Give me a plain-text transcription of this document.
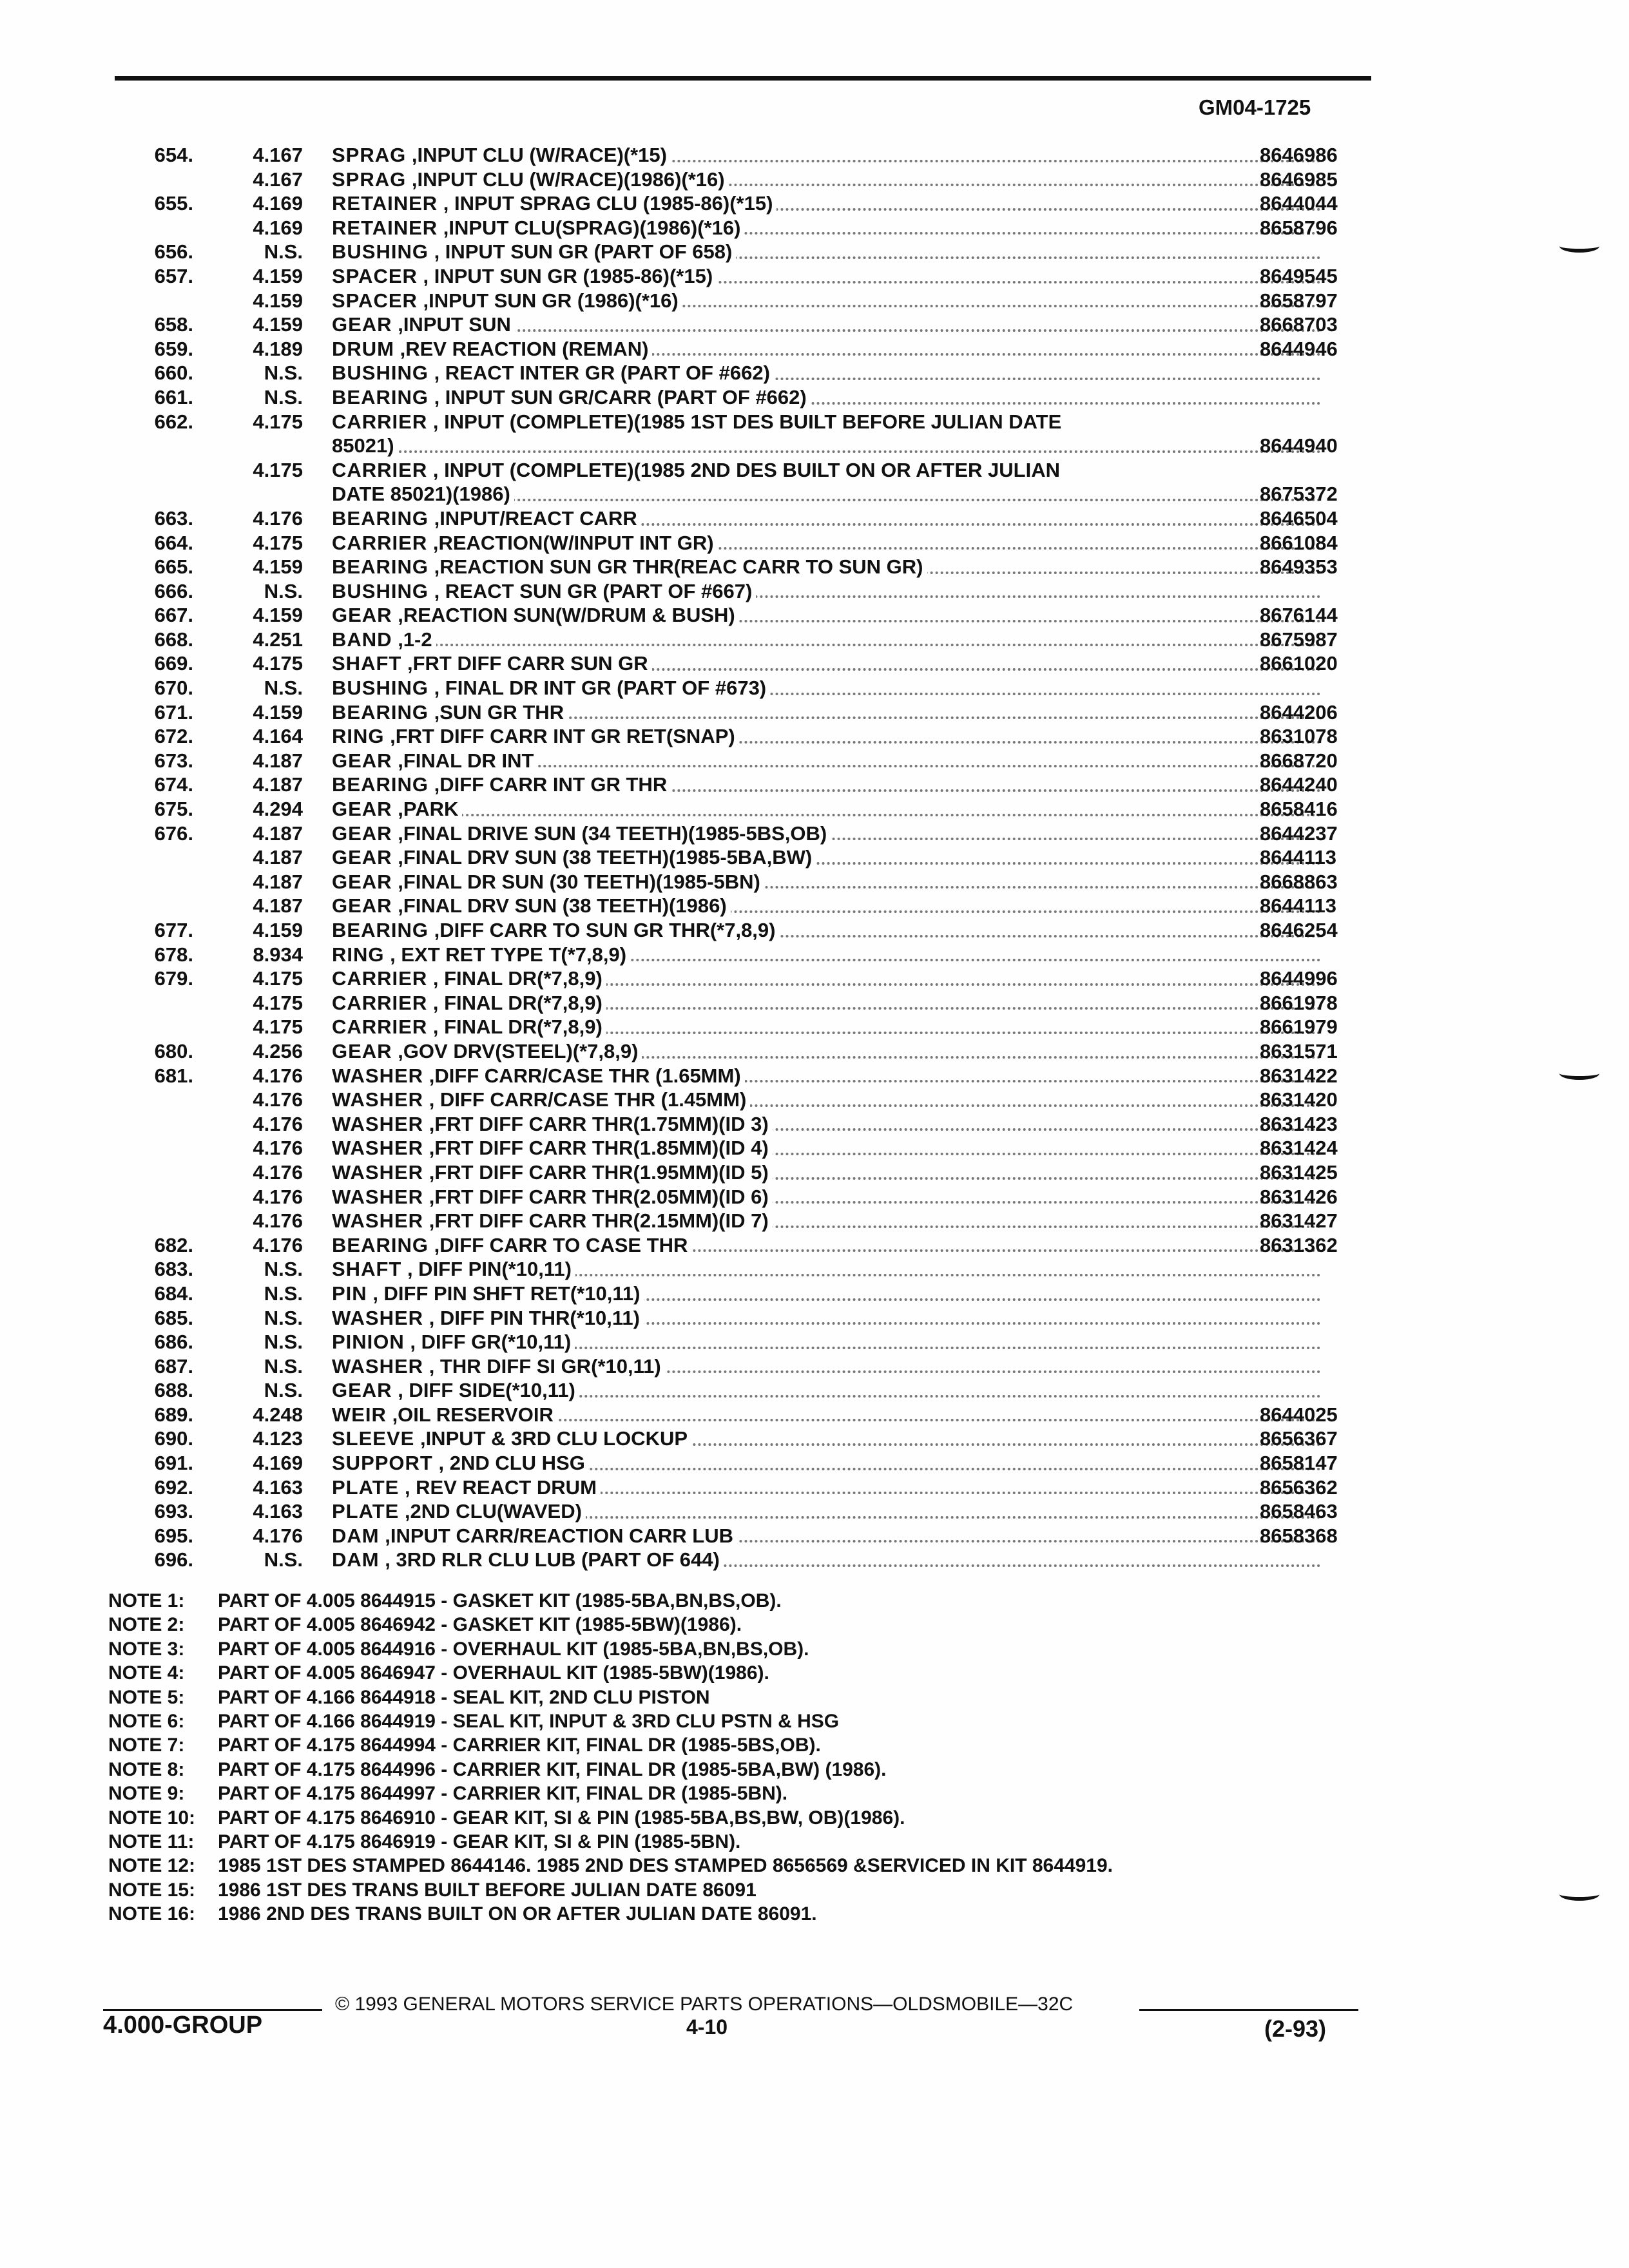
GM04-1725
654.	4.167 SPRAG ,INPUT CLU (W/RACE)(*15)	8646986
4.167 SPRAG ,INPUT CLU (W/RACE)(1986)(*16)	8646985
655.	4.169 RETAINER , INPUT SPRAG CLU (1985-86)(*15)	8644044
4.169 RETAINER ,INPUT CLU(SPRAG)(1986)(*16)	8658796
656.	N.S. BUSHING , INPUT SUN GR (PART OF 658)
657.	4.159 SPACER , INPUT SUN GR (1985-86)(*15)	8649545
4.159 SPACER ,INPUT SUN GR (1986)(*16)	8658797
658.	4.159 GEAR ,INPUT SUN	8668703
659.	4.189 DRUM ,REV REACTION (REMAN)	8644946
660.	N.S. BUSHING , REACT INTER GR (PART OF #662)
661.	N.S. BEARING , INPUT SUN GR/CARR (PART OF #662)
662.	4.175 CARRIER , INPUT (COMPLETE)(1985 1ST DES BUILT BEFORE JULIAN DATE
85021)	8644940
4.175 CARRIER , INPUT (COMPLETE)(1985 2ND DES BUILT ON OR AFTER JULIAN
DATE 85021)(1986)	8675372
663.	4.176 BEARING ,INPUT/REACT CARR	8646504
664.	4.175 CARRIER ,REACTION(W/INPUT INT GR)	8661084
665.	4.159 BEARING ,REACTION SUN GR THR(REAC CARR TO SUN GR)	8649353
666.	N.S. BUSHING , REACT SUN GR (PART OF #667)
667.	4.159 GEAR ,REACTION SUN(W/DRUM & BUSH)	8676144
668.	4.251 BAND ,1-2	8675987
669.	4.175 SHAFT ,FRT DIFF CARR SUN GR	8661020
670.	N.S. BUSHING , FINAL DR INT GR (PART OF #673)
671.	4.159 BEARING ,SUN GR THR	8644206
672.	4.164 RING ,FRT DIFF CARR INT GR RET(SNAP)	8631078
673.	4.187 GEAR ,FINAL DR INT	8668720
674.	4.187 BEARING ,DIFF CARR INT GR THR	8644240
675.	4.294 GEAR ,PARK	8658416
676.	4.187 GEAR ,FINAL DRIVE SUN (34 TEETH)(1985-5BS,OB)	8644237
4.187 GEAR ,FINAL DRV SUN (38 TEETH)(1985-5BA,BW)	8644113
4.187 GEAR ,FINAL DR SUN (30 TEETH)(1985-5BN)	8668863
4.187 GEAR ,FINAL DRV SUN (38 TEETH)(1986)	8644113
677.	4.159 BEARING ,DIFF CARR TO SUN GR THR(*7,8,9)	8646254
678.	8.934 RING , EXT RET TYPE T(*7,8,9)
679.	4.175 CARRIER , FINAL DR(*7,8,9)	8644996
4.175 CARRIER , FINAL DR(*7,8,9)	8661978
4.175 CARRIER , FINAL DR(*7,8,9)	8661979
680.	4.256 GEAR ,GOV DRV(STEEL)(*7,8,9)	8631571
681.	4.176 WASHER ,DIFF CARR/CASE THR (1.65MM)	8631422
4.176 WASHER , DIFF CARR/CASE THR (1.45MM)	8631420
4.176 WASHER ,FRT DIFF CARR THR(1.75MM)(ID 3)	8631423
4.176 WASHER ,FRT DIFF CARR THR(1.85MM)(ID 4)	8631424
4.176 WASHER ,FRT DIFF CARR THR(1.95MM)(ID 5)	8631425
4.176 WASHER ,FRT DIFF CARR THR(2.05MM)(ID 6)	8631426
4.176 WASHER ,FRT DIFF CARR THR(2.15MM)(ID 7)	8631427
682.	4.176 BEARING ,DIFF CARR TO CASE THR	8631362
683.	N.S. SHAFT , DIFF PIN(*10,11)
684.	N.S. PIN , DIFF PIN SHFT RET(*10,11)
685.	N.S. WASHER , DIFF PIN THR(*10,11)
686.	N.S. PINION , DIFF GR(*10,11)
687.	N.S. WASHER , THR DIFF SI GR(*10,11)
688.	N.S. GEAR , DIFF SIDE(*10,11)
689.	4.248 WEIR ,OIL RESERVOIR	8644025
690.	4.123 SLEEVE ,INPUT & 3RD CLU LOCKUP	8656367
691.	4.169 SUPPORT , 2ND CLU HSG	8658147
692.	4.163 PLATE , REV REACT DRUM	8656362
693.	4.163 PLATE ,2ND CLU(WAVED)	8658463
695.	4.176 DAM ,INPUT CARR/REACTION CARR LUB	8658368
696.	N.S. DAM , 3RD RLR CLU LUB (PART OF 644)
NOTE 1: PART OF 4.005 8644915 - GASKET KIT (1985-5BA,BN,BS,OB).
NOTE 2: PART OF 4.005 8646942 - GASKET KIT (1985-5BW)(1986).
NOTE 3: PART OF 4.005 8644916 - OVERHAUL KIT (1985-5BA,BN,BS,OB).
NOTE 4: PART OF 4.005 8646947 - OVERHAUL KIT (1985-5BW)(1986).
NOTE 5: PART OF 4.166 8644918 - SEAL KIT, 2ND CLU PISTON
NOTE 6: PART OF 4.166 8644919 - SEAL KIT, INPUT & 3RD CLU PSTN & HSG
NOTE 7: PART OF 4.175 8644994 - CARRIER KIT, FINAL DR (1985-5BS,OB).
NOTE 8: PART OF 4.175 8644996 - CARRIER KIT, FINAL DR (1985-5BA,BW) (1986).
NOTE 9: PART OF 4.175 8644997 - CARRIER KIT, FINAL DR (1985-5BN).
NOTE 10: PART OF 4.175 8646910 - GEAR KIT, SI & PIN (1985-5BA,BS,BW, OB)(1986).
NOTE 11: PART OF 4.175 8646919 - GEAR KIT, SI & PIN (1985-5BN).
NOTE 12: 1985 1ST DES STAMPED 8644146. 1985 2ND DES STAMPED 8656569 &SERVICED IN KIT 8644919.
NOTE 15: 1986 1ST DES TRANS BUILT BEFORE JULIAN DATE 86091
NOTE 16: 1986 2ND DES TRANS BUILT ON OR AFTER JULIAN DATE 86091.
© 1993 GENERAL MOTORS SERVICE PARTS OPERATIONS—OLDSMOBILE—32C
4.000-GROUP	4-10	(2-93)
